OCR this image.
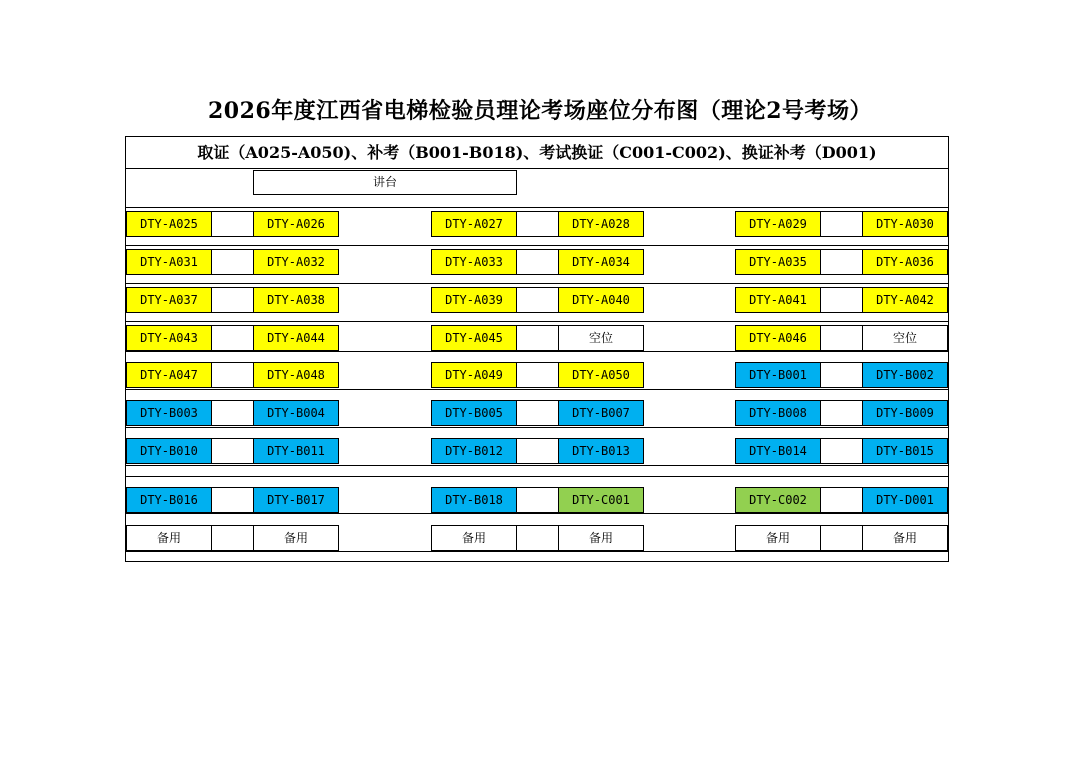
2026年度江西省电梯检验员理论考场座位分布图（理论2号考场）
取证（A025-A050)、补考（B001-B018)、考试换证（C001-C002)、换证补考（D001)
讲台
DTY-A025	DTY-A026	DTY-A027	DTY-A028	DTY-A029	DTY-A030
DTY-A031	DTY-A032	DTY-A033	DTY-A034	DTY-A035	DTY-A036
DTY-A037	DTY-A038	DTY-A039	DTY-A040	DTY-A041	DTY-A042
DTY-A043	DTY-A044	DTY-A045	空位	DTY-A046	空位
DTY-A047	DTY-A048	DTY-A049	DTY-A050	DTY-B001	DTY-B002
DTY-B003	DTY-B004	DTY-B005	DTY-B007	DTY-B008	DTY-B009
DTY-B010	DTY-B011	DTY-B012	DTY-B013	DTY-B014	DTY-B015
DTY-B016	DTY-B017	DTY-B018	DTY-C001	DTY-C002	DTY-D001
备用	备用	备用	备用	备用	备用
